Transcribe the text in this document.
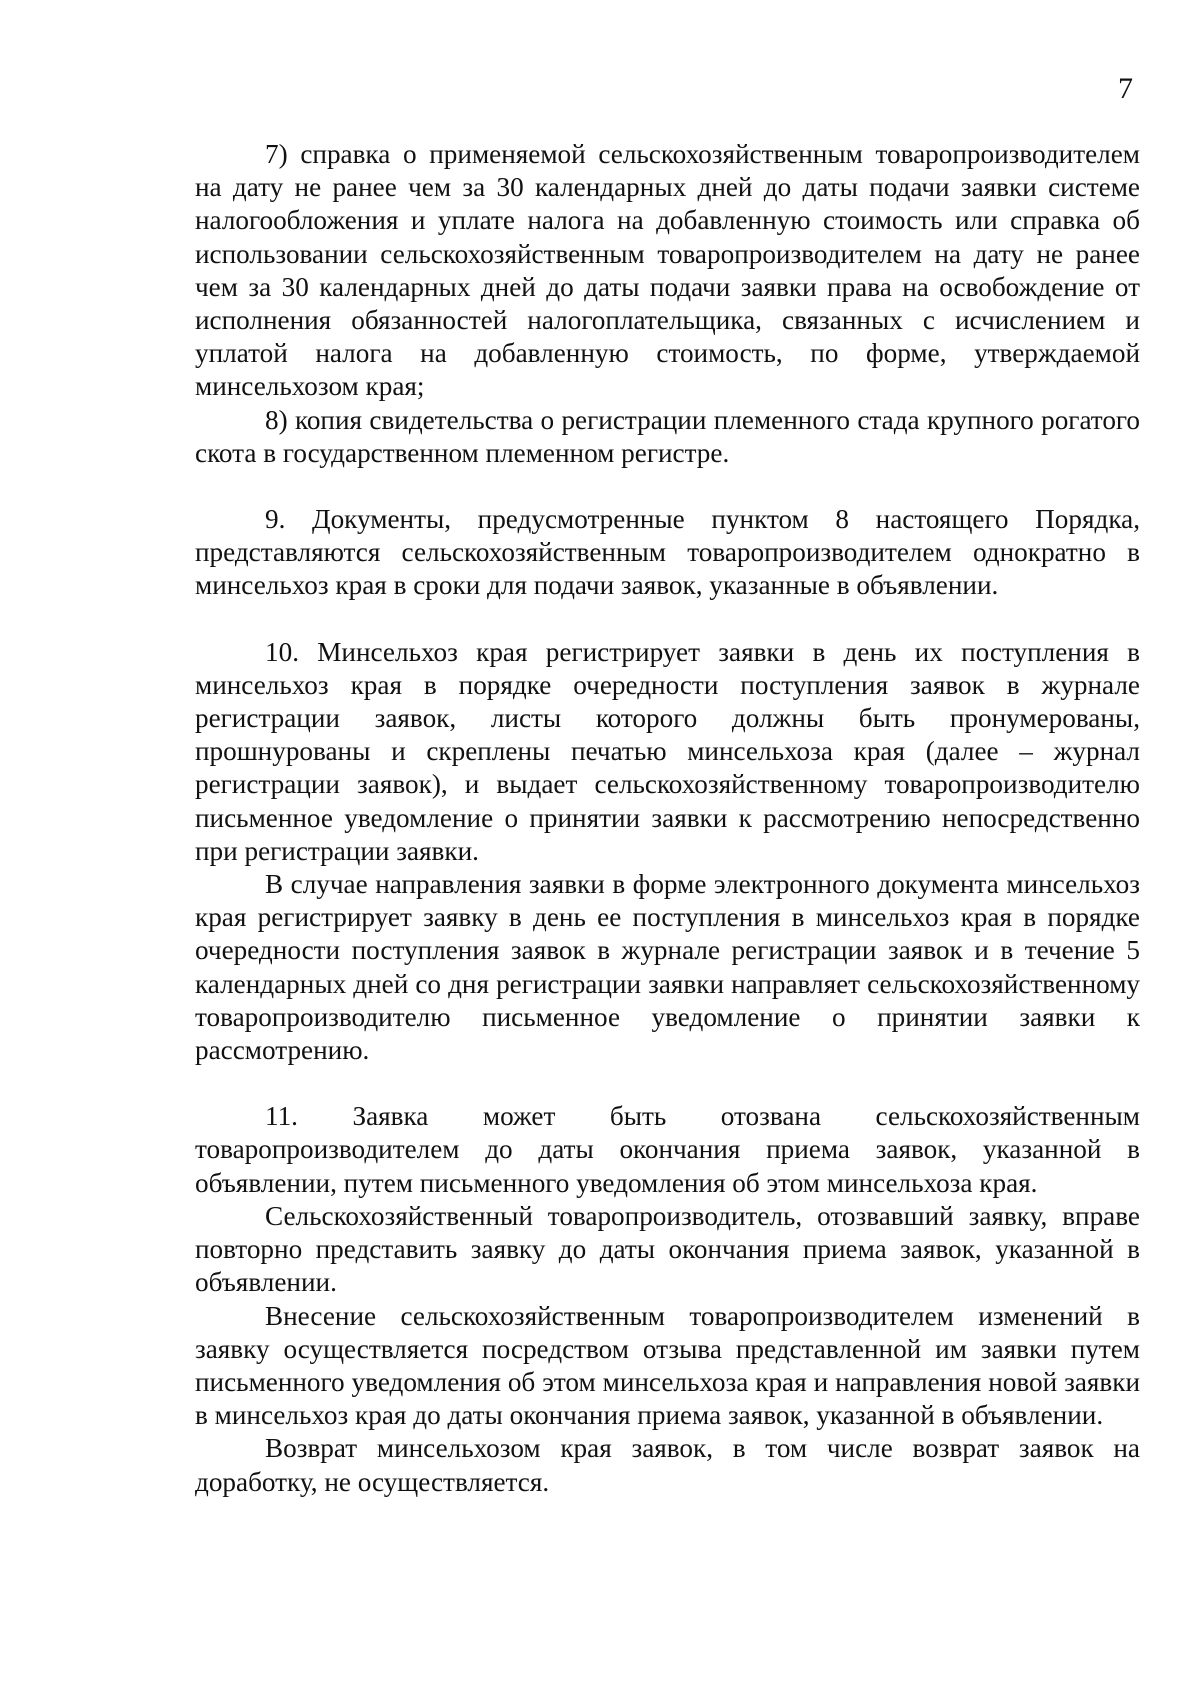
7

7) справка о применяемой сельскохозяйственным товаропроизводителем на дату не ранее чем за 30 календарных дней до даты подачи заявки системе налогообложения и уплате налога на добавленную стоимость или справка об использовании сельскохозяйственным товаропроизводителем на дату не ранее чем за 30 календарных дней до даты подачи заявки права на освобождение от исполнения обязанностей налогоплательщика, связанных с исчислением и уплатой налога на добавленную стоимость, по форме, утверждаемой минсельхозом края;

8) копия свидетельства о регистрации племенного стада крупного рогатого скота в государственном племенном регистре.

9. Документы, предусмотренные пунктом 8 настоящего Порядка, представляются сельскохозяйственным товаропроизводителем однократно в минсельхоз края в сроки для подачи заявок, указанные в объявлении.

10. Минсельхоз края регистрирует заявки в день их поступления в минсельхоз края в порядке очередности поступления заявок в журнале регистрации заявок, листы которого должны быть пронумерованы, прошнурованы и скреплены печатью минсельхоза края (далее – журнал регистрации заявок), и выдает сельскохозяйственному товаропроизводителю письменное уведомление о принятии заявки к рассмотрению непосредственно при регистрации заявки.

В случае направления заявки в форме электронного документа минсельхоз края регистрирует заявку в день ее поступления в минсельхоз края в порядке очередности поступления заявок в журнале регистрации заявок и в течение 5 календарных дней со дня регистрации заявки направляет сельскохозяйственному товаропроизводителю письменное уведомление о принятии заявки к рассмотрению.

11. Заявка может быть отозвана сельскохозяйственным товаропроизводителем до даты окончания приема заявок, указанной в объявлении, путем письменного уведомления об этом минсельхоза края.

Сельскохозяйственный товаропроизводитель, отозвавший заявку, вправе повторно представить заявку до даты окончания приема заявок, указанной в объявлении.

Внесение сельскохозяйственным товаропроизводителем изменений в заявку осуществляется посредством отзыва представленной им заявки путем письменного уведомления об этом минсельхоза края и направления новой заявки в минсельхоз края до даты окончания приема заявок, указанной в объявлении.

Возврат минсельхозом края заявок, в том числе возврат заявок на доработку, не осуществляется.
